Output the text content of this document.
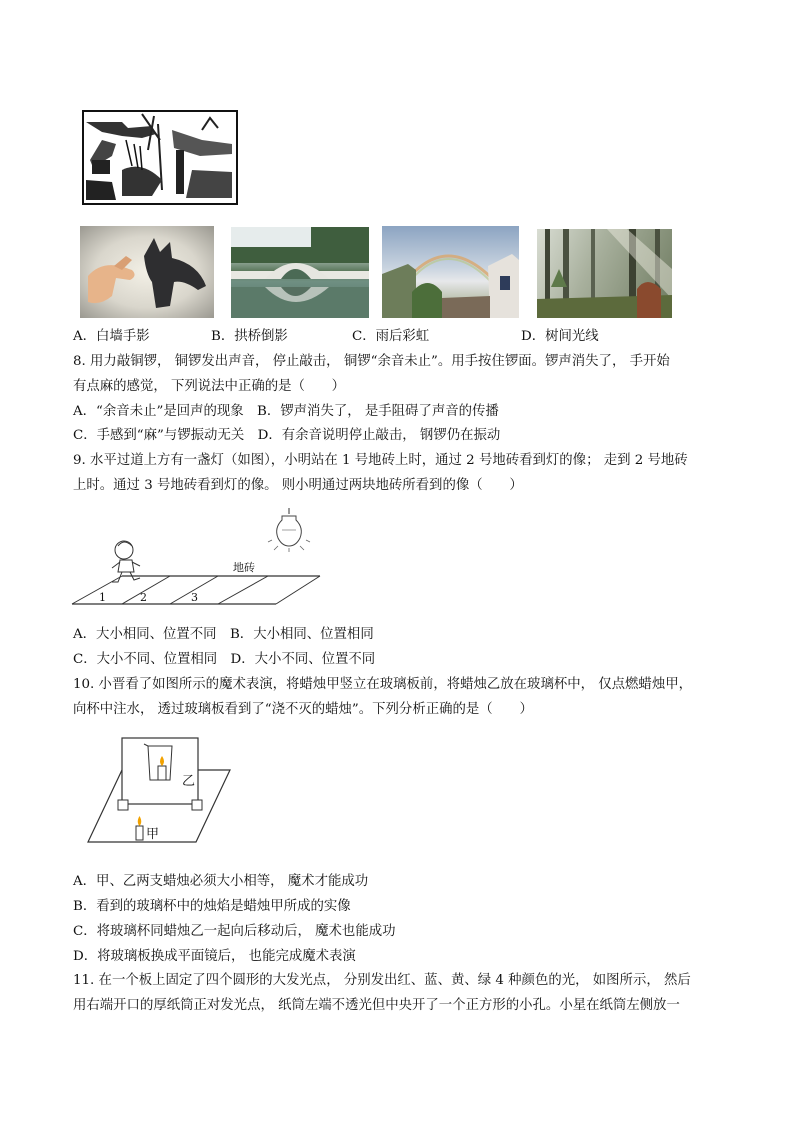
A．白墙手影	B．拱桥倒影	C．雨后彩虹	D．树间光线
8. 用力敲铜锣， 铜锣发出声音， 停止敲击， 铜锣“余音未止”。用手按住锣面。锣声消失了， 手开始
有点麻的感觉， 下列说法中正确的是（　　）
A．“余音未止”是回声的现象　B．锣声消失了， 是手阻碍了声音的传播
C．手感到“麻”与锣振动无关　D．有余音说明停止敲击， 钢锣仍在振动
9. 水平过道上方有一盏灯（如图），小明站在 1 号地砖上时，通过 2 号地砖看到灯的像； 走到 2 号地砖
上时。通过 3 号地砖看到灯的像。 则小明通过两块地砖所看到的像（　　）
地砖
1	2	3
A．大小相同、位置不同　B．大小相同、位置相同
C．大小不同、位置相同　D．大小不同、位置不同
10. 小晋看了如图所示的魔术表演，将蜡烛甲竖立在玻璃板前，将蜡烛乙放在玻璃杯中， 仅点燃蜡烛甲，
向杯中注水， 透过玻璃板看到了“浇不灭的蜡烛”。下列分析正确的是（　　）
乙
甲
A．甲、乙两支蜡烛必须大小相等， 魔术才能成功
B．看到的玻璃杯中的烛焰是蜡烛甲所成的实像
C．将玻璃杯同蜡烛乙一起向后移动后， 魔术也能成功
D．将玻璃板换成平面镜后， 也能完成魔术表演
11. 在一个板上固定了四个圆形的大发光点， 分别发出红、蓝、黄、绿 4 种颜色的光， 如图所示， 然后
用右端开口的厚纸筒正对发光点， 纸筒左端不透光但中央开了一个正方形的小孔。小星在纸筒左侧放一
